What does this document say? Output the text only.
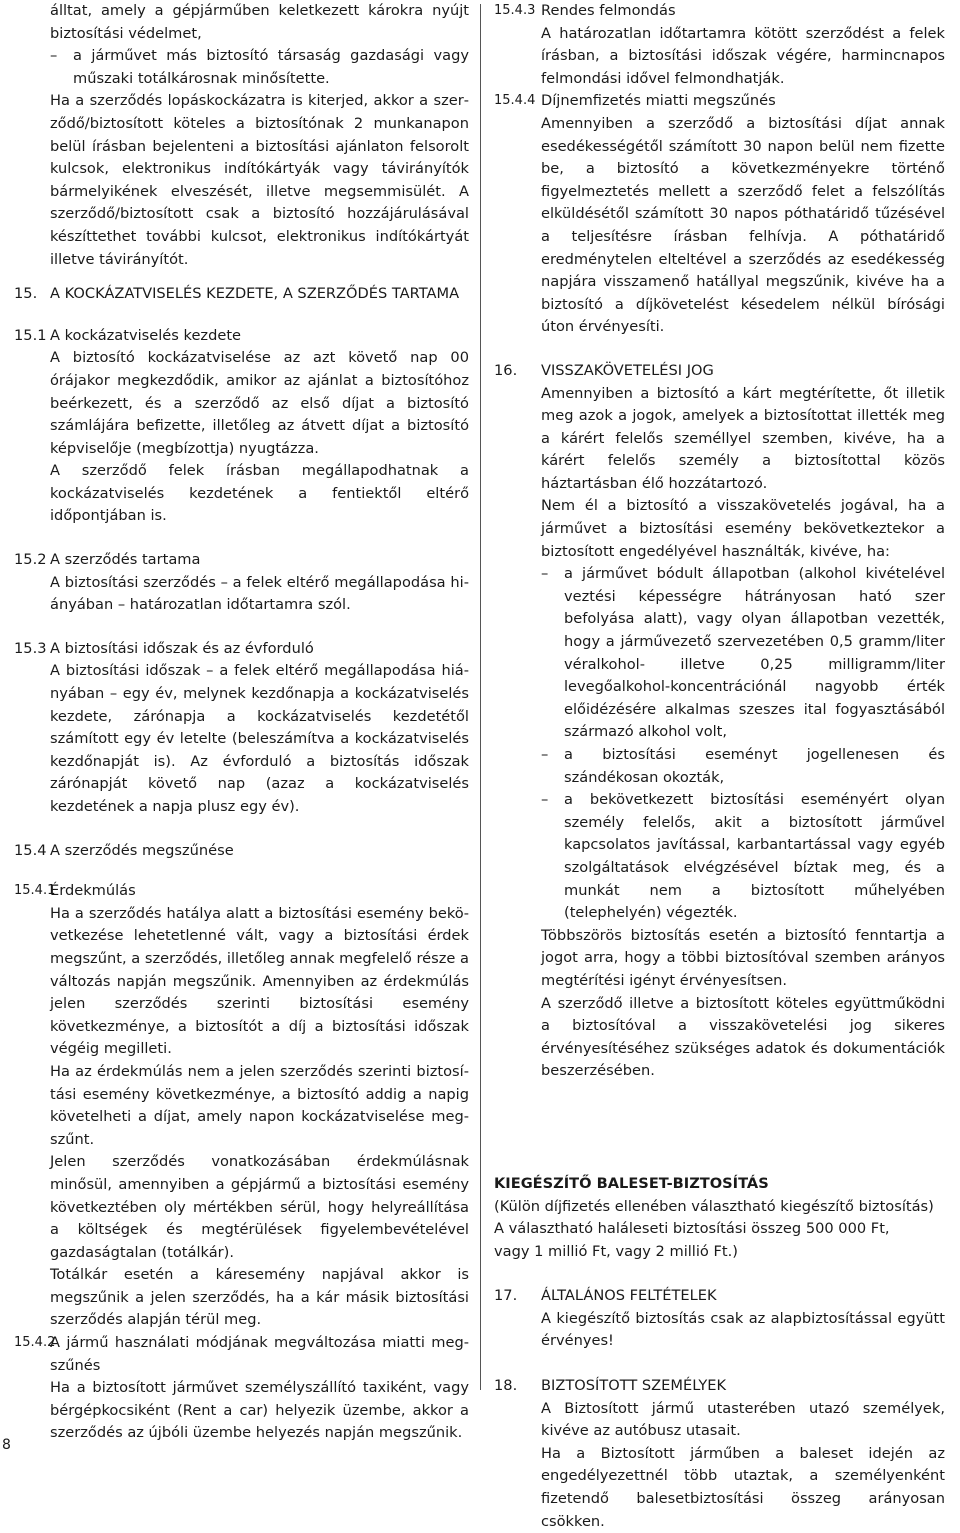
álltat, amely a gépjárműben keletkezett károkra nyújt biztosítási védelmet,

– a járművet más biztosító társaság gazdasági vagy műszaki totálkárosnak minősítette.

Ha a szerződés lopáskockázatra is kiterjed, akkor a szerződő/biztosított köteles a biztosítónak 2 munkanapon belül írásban bejelenteni a biztosítási ajánlaton felsorolt kulcsok, elektronikus indítókártyák vagy távirányítók bármelyikének elveszését, illetve megsemmisülét. A szerződő/biztosított csak a biztosító hozzájárulásával készíttethet további kulcsot, elektronikus indítókártyát illetve távirányítót.

15. A KOCKÁZATVISELÉS KEZDETE, A SZERZŐDÉS TARTAMA
15.1 A kockázatviselés kezdete

A biztosító kockázatviselése az azt követő nap 00 órájakor megkezdődik, amikor az ajánlat a biztosítóhoz beérkezett, és a szerződő az első díjat a biztosító számlájára befizette, illetőleg az átvett díjat a biztosító képviselője (megbízottja) nyugtázza.

A szerződő felek írásban megállapodhatnak a kockázatviselés kezdetének a fentiektől eltérő időpontjában is.

15.2 A szerződés tartama

A biztosítási szerződés – a felek eltérő megállapodása hiányában – határozatlan időtartamra szól.

15.3 A biztosítási időszak és az évforduló

A biztosítási időszak – a felek eltérő megállapodása hiányában – egy év, melynek kezdőnapja a kockázatviselés kezdete, zárónapja a kockázatviselés kezdetétől számított egy év letelte (beleszámítva a kockázatviselés kezdőnapját is). Az évforduló a biztosítás időszak zárónapját követő nap (azaz a kockázatviselés kezdetének a napja plusz egy év).

15.4 A szerződés megszűnése
15.4.1
Érdekmúlás

Ha a szerződés hatálya alatt a biztosítási esemény bekövetkezése lehetetlenné vált, vagy a biztosítási érdek megszűnt, a szerződés, illetőleg annak megfelelő része a változás napján megszűnik. Amennyiben az érdekmúlás jelen szerződés szerinti biztosítási esemény következménye, a biztosítót a díj a biztosítási időszak végéig megilleti.

Ha az érdekmúlás nem a jelen szerződés szerinti biztosítási esemény következménye, a biztosító addig a napig követelheti a díjat, amely napon kockázatviselése megszűnt.

Jelen szerződés vonatkozásában érdekmúlásnak minősül, amennyiben a gépjármű a biztosítási esemény következtében oly mértékben sérül, hogy helyreállítása a költségek és megtérülések figyelembevételével gazdaságtalan (totálkár).

Totálkár esetén a káresemény napjával akkor is megszűnik a jelen szerződés, ha a kár másik biztosítási szerződés alapján térül meg.

15.4.2
A jármű használati módjának megváltozása miatti megszűnés

Ha a biztosított járművet személyszállító taxiként, vagy bérgépkocsiként (Rent a car) helyezik üzembe, akkor a szerződés az újbóli üzembe helyezés napján megszűnik.

15.4.3 Rendes felmondás

A határozatlan időtartamra kötött szerződést a felek írásban, a biztosítási időszak végére, harmincnapos felmondási idővel felmondhatják.

15.4.4 Díjnemfizetés miatti megszűnés

Amennyiben a szerződő a biztosítási díjat annak esedékességétől számított 30 napon belül nem fizette be, a biztosító a következményekre történő figyelmeztetés mellett a szerződő felet a felszólítás elküldésétől számított 30 napos póthatáridő tűzésével a teljesítésre írásban felhívja. A póthatáridő eredménytelen elteltével a szerződés az esedékesség napjára visszamenő hatállyal megszűnik, kivéve ha a biztosító a díjkövetelést késedelem nélkül bírósági úton érvényesíti.

16.	VISSZAKÖVETELÉSI JOG

Amennyiben a biztosító a kárt megtérítette, őt illetik meg azok a jogok, amelyek a biztosítottat illették meg a kárért felelős személlyel szemben, kivéve, ha a kárért felelős személy a biztosítottal közös háztartásban élő hozzátartozó.

Nem él a biztosító a visszakövetelés jogával, ha a járművet a biztosítási esemény bekövetkeztekor a biztosított engedélyével használták, kivéve, ha:

– a járművet bódult állapotban (alkohol kivételével veztési képességre hátrányosan ható szer befolyása alatt), vagy olyan állapotban vezették, hogy a járművezető szervezetében 0,5 gramm/liter véralkohol- illetve 0,25 milligramm/liter levegőalkohol-koncentrációnál nagyobb érték előidézésére alkalmas szeszes ital fogyasztásából származó alkohol volt,

– a biztosítási eseményt jogellenesen és szándékosan okozták,

– a bekövetkezett biztosítási eseményért olyan személy felelős, akit a biztosított járművel kapcsolatos javítással, karbantartással vagy egyéb szolgáltatások elvégzésével bíztak meg, és a munkát nem a biztosított műhelyében (telephelyén) végezték.

Többszörös biztosítás esetén a biztosító fenntartja a jogot arra, hogy a többi biztosítóval szemben arányos megtérítési igényt érvényesítsen.

A szerződő illetve a biztosított köteles együttműködni a biztosítóval a visszakövetelési jog sikeres érvényesítéséhez szükséges adatok és dokumentációk beszerzésében.

KIEGÉSZÍTŐ BALESET-BIZTOSÍTÁS

(Külön díjfizetés ellenében választható kiegészítő biztosítás)

A választható haláleseti biztosítási összeg 500 000 Ft,

vagy 1 millió Ft, vagy 2 millió Ft.)

17.	ÁLTALÁNOS FELTÉTELEK

A kiegészítő biztosítás csak az alapbiztosítással együtt érvényes!

18.	BIZTOSÍTOTT SZEMÉLYEK

A Biztosított jármű utasterében utazó személyek, kivéve az autóbusz utasait.

Ha a Biztosított járműben a baleset idején az engedélyezettnél több utaztak, a személyenként fizetendő balesetbiztosítási összeg arányosan csökken.

8
